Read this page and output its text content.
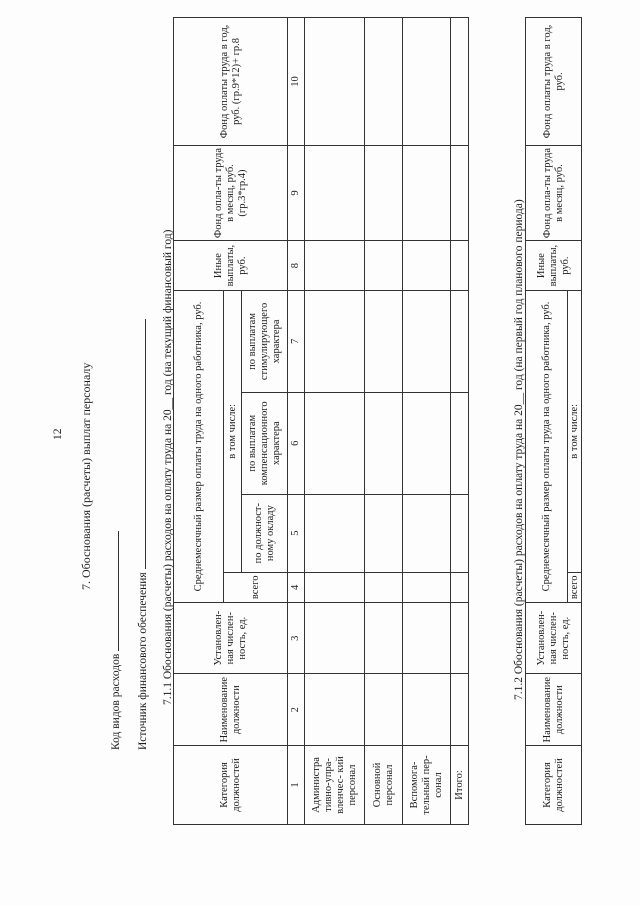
12 7. Обоснования (расчеты) выплат персоналу
Код видов расходов Источник финансового обеспечения 7.1.1 Обоснования (расчеты) расходов на оплату труда на 20__ год (на текущий финансовый год)
Категория должностей	Наименование должности	Установлен-ная числен-ность, ед.	Среднемесячный размер оплаты труда на одного работника, руб.				Иные выплаты, руб.	Фонд опла-ты труда в месяц, руб. (гр.3*гр.4)	Фонд оплаты труда в год, руб. (гр.9*12)+ гр.8
			всего	в том числе:					
				по должност-ному окладу	по выплатам компенсационного характера	по выплатам стимулирующего характера			
1	2	3	4	5	6	7	8	9	10
Администра тивно-упра-вленчес- кий персонал									
Основной персонал									
Вспомога-тельный пер-сонал									
Итого:									
7.1.2 Обоснования (расчеты) расходов на оплату труда на 20__ год (на первый год планового периода)
Категория должностей	Наименование должности	Установлен-ная числен-ность, ед.	Среднемесячный размер оплаты труда на одного работника, руб.		Иные выплаты, руб.	Фонд опла-ты труда в месяц, руб.	Фонд оплаты труда в год, руб.
			всего	в том числе:			
